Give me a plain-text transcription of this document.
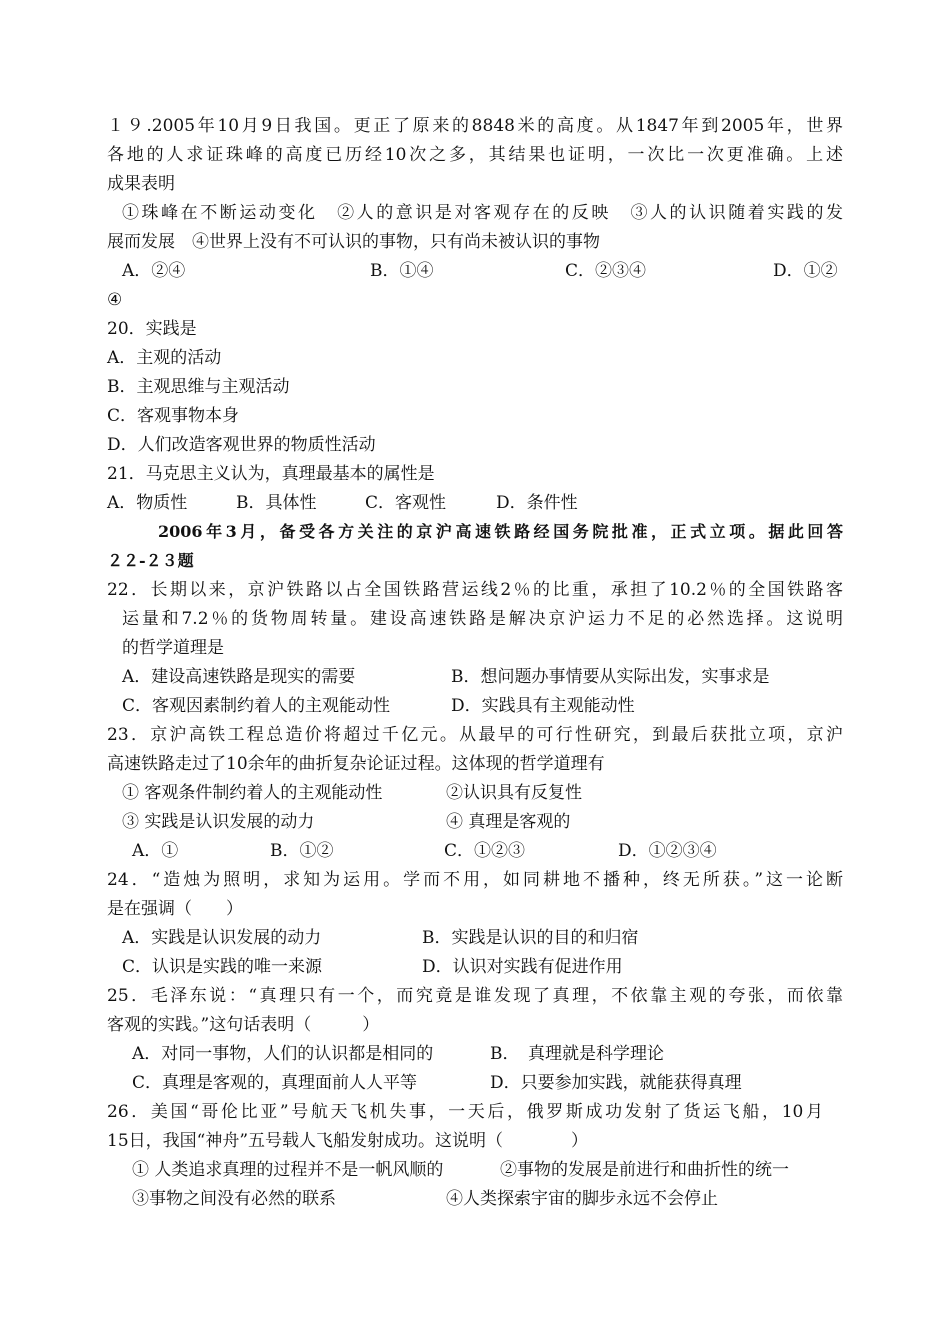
１９.2005年10月9日我国。更正了原来的8848米的高度。从1847年到2005年，世界
各地的人求证珠峰的高度已历经10次之多，其结果也证明，一次比一次更准确。上述
成果表明
①珠峰在不断运动变化　②人的意识是对客观存在的反映　③人的认识随着实践的发
展而发展　④世界上没有不可认识的事物，只有尚未被认识的事物
A．②④	B．①④	C．②③④	D．①②
④
20．实践是
A．主观的活动
B．主观思维与主观活动
C．客观事物本身
D．人们改造客观世界的物质性活动
21．马克思主义认为，真理最基本的属性是
A．物质性	B．具体性	C．客观性	D．条件性
2006年3月，备受各方关注的京沪高速铁路经国务院批准，正式立项。据此回答
２２-２３题
22．长期以来，京沪铁路以占全国铁路营运线2％的比重，承担了10.2％的全国铁路客
运量和7.2％的货物周转量。建设高速铁路是解决京沪运力不足的必然选择。这说明
的哲学道理是
A．建设高速铁路是现实的需要	B．想问题办事情要从实际出发，实事求是
C．客观因素制约着人的主观能动性	D．实践具有主观能动性
23．京沪高铁工程总造价将超过千亿元。从最早的可行性研究，到最后获批立项，京沪
高速铁路走过了10余年的曲折复杂论证过程。这体现的哲学道理有
① 客观条件制约着人的主观能动性	②认识具有反复性
③ 实践是认识发展的动力	④ 真理是客观的
A．①	B．①②	C．①②③	D．①②③④
24．“造烛为照明，求知为运用。学而不用，如同耕地不播种，终无所获。”这一论断
是在强调（　　）
A．实践是认识发展的动力	B．实践是认识的目的和归宿
C．认识是实践的唯一来源	D．认识对实践有促进作用
25．毛泽东说：“真理只有一个，而究竟是谁发现了真理，不依靠主观的夸张，而依靠
客观的实践。”这句话表明（　　　）
A．对同一事物，人们的认识都是相同的	B．　真理就是科学理论
C．真理是客观的，真理面前人人平等	D．只要参加实践，就能获得真理
26．美国“哥伦比亚”号航天飞机失事，一天后，俄罗斯成功发射了货运飞船，10月
15日，我国“神舟”五号载人飞船发射成功。这说明（　　　　）
① 人类追求真理的过程并不是一帆风顺的	②事物的发展是前进行和曲折性的统一
③事物之间没有必然的联系	④人类探索宇宙的脚步永远不会停止
